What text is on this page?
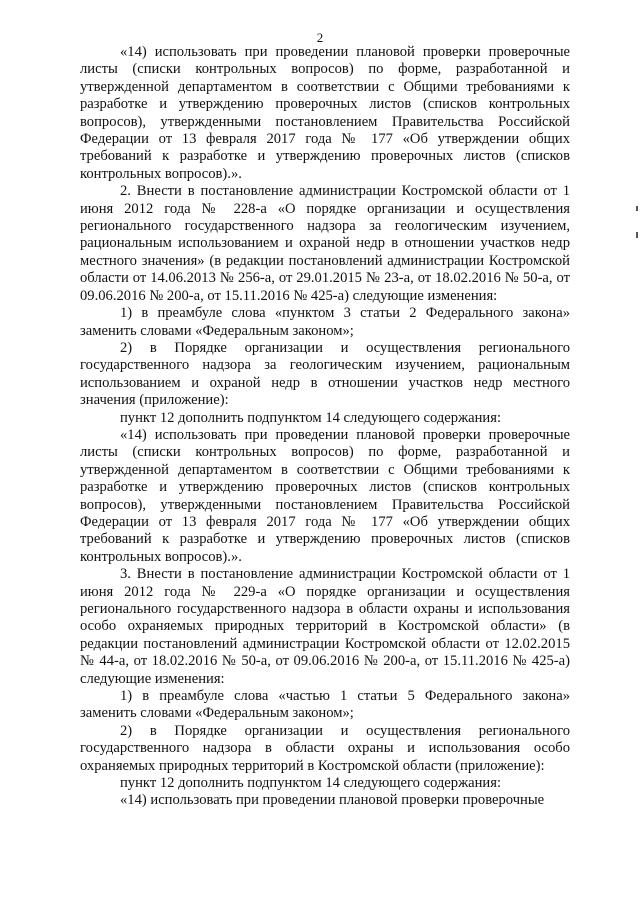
2

«14) использовать при проведении плановой проверки проверочные листы (списки контрольных вопросов) по форме, разработанной и утвержденной департаментом в соответствии с Общими требованиями к разработке и утверждению проверочных листов (списков контрольных вопросов), утвержденными постановлением Правительства Российской Федерации от 13 февраля 2017 года № 177 «Об утверждении общих требований к разработке и утверждению проверочных листов (списков контрольных вопросов).».

2. Внести в постановление администрации Костромской области от 1 июня 2012 года № 228-а «О порядке организации и осуществления регионального государственного надзора за геологическим изучением, рациональным использованием и охраной недр в отношении участков недр местного значения» (в редакции постановлений администрации Костромской области от 14.06.2013 № 256-а, от 29.01.2015 № 23-а, от 18.02.2016 № 50-а, от 09.06.2016 № 200-а, от 15.11.2016 № 425-а) следующие изменения:

1) в преамбуле слова «пунктом 3 статьи 2 Федерального закона» заменить словами «Федеральным законом»;

2) в Порядке организации и осуществления регионального государственного надзора за геологическим изучением, рациональным использованием и охраной недр в отношении участков недр местного значения (приложение):

пункт 12 дополнить подпунктом 14 следующего содержания:

«14) использовать при проведении плановой проверки проверочные листы (списки контрольных вопросов) по форме, разработанной и утвержденной департаментом в соответствии с Общими требованиями к разработке и утверждению проверочных листов (списков контрольных вопросов), утвержденными постановлением Правительства Российской Федерации от 13 февраля 2017 года № 177 «Об утверждении общих требований к разработке и утверждению проверочных листов (списков контрольных вопросов).».

3. Внести в постановление администрации Костромской области от 1 июня 2012 года № 229-а «О порядке организации и осуществления регионального государственного надзора в области охраны и использования особо охраняемых природных территорий в Костромской области» (в редакции постановлений администрации Костромской области от 12.02.2015 № 44-а, от 18.02.2016 № 50-а, от 09.06.2016 № 200-а, от 15.11.2016 № 425-а) следующие изменения:

1) в преамбуле слова «частью 1 статьи 5 Федерального закона» заменить словами «Федеральным законом»;

2) в Порядке организации и осуществления регионального государственного надзора в области охраны и использования особо охраняемых природных территорий в Костромской области (приложение):

пункт 12 дополнить подпунктом 14 следующего содержания:

«14) использовать при проведении плановой проверки проверочные
